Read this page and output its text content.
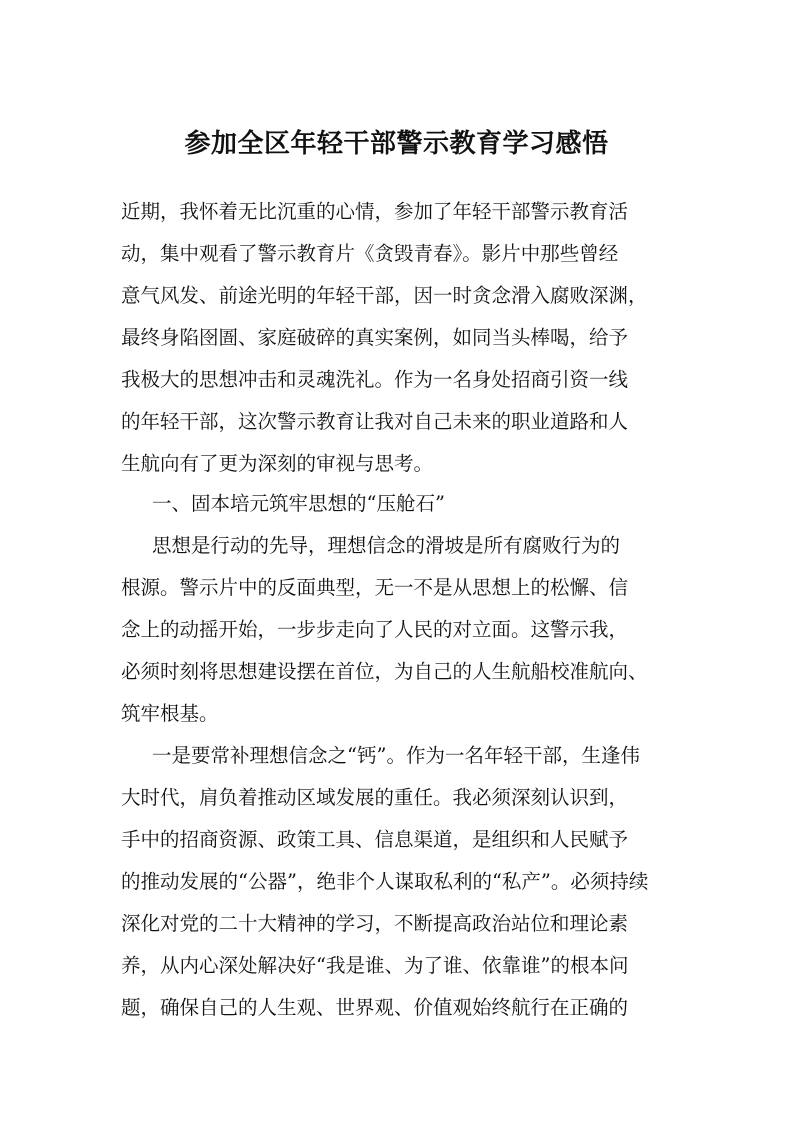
参加全区年轻干部警示教育学习感悟

近期，我怀着无比沉重的心情，参加了年轻干部警示教育活

动，集中观看了警示教育片《贪毁青春》。影片中那些曾经

意气风发、前途光明的年轻干部，因一时贪念滑入腐败深渊，

最终身陷囹圄、家庭破碎的真实案例，如同当头棒喝，给予

我极大的思想冲击和灵魂洗礼。作为一名身处招商引资一线

的年轻干部，这次警示教育让我对自己未来的职业道路和人

生航向有了更为深刻的审视与思考。

一、固本培元筑牢思想的“压舱石”

思想是行动的先导，理想信念的滑坡是所有腐败行为的

根源。警示片中的反面典型，无一不是从思想上的松懈、信

念上的动摇开始，一步步走向了人民的对立面。这警示我，

必须时刻将思想建设摆在首位，为自己的人生航船校准航向、

筑牢根基。

一是要常补理想信念之“钙”。作为一名年轻干部，生逢伟

大时代，肩负着推动区域发展的重任。我必须深刻认识到，

手中的招商资源、政策工具、信息渠道，是组织和人民赋予

的推动发展的“公器”，绝非个人谋取私利的“私产”。必须持续

深化对党的二十大精神的学习，不断提高政治站位和理论素

养，从内心深处解决好“我是谁、为了谁、依靠谁”的根本问

题，确保自己的人生观、世界观、价值观始终航行在正确的
